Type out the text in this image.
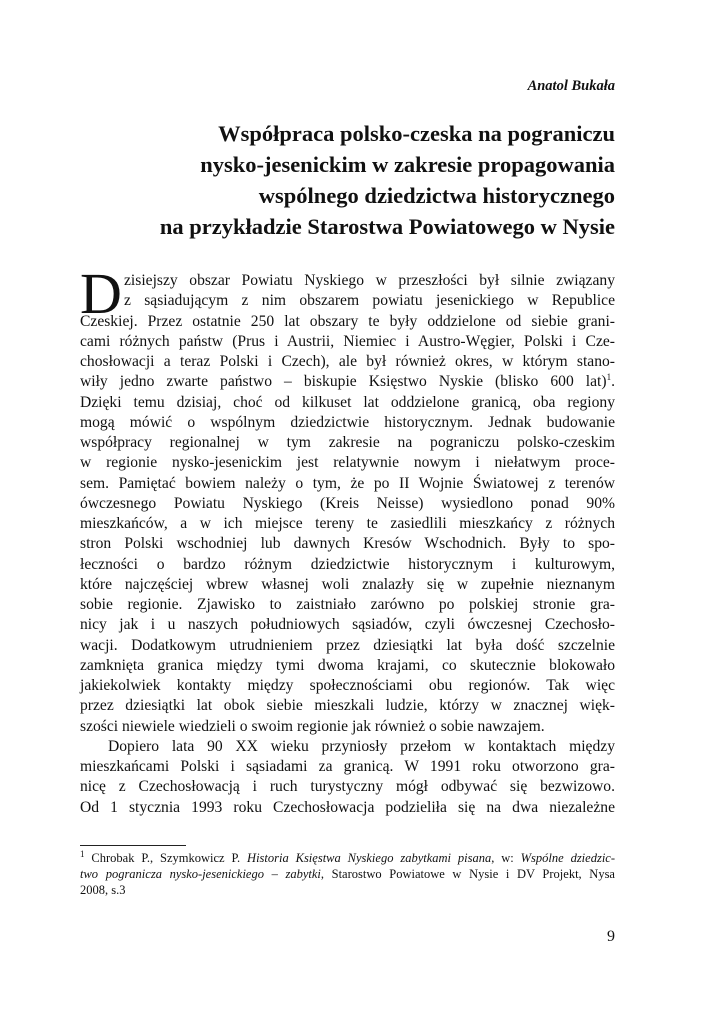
Anatol Bukała
Współpraca polsko-czeska na pograniczu
nysko-jesenickim w zakresie propagowania
wspólnego dziedzictwa historycznego
na przykładzie Starostwa Powiatowego w Nysie
D zisiejszy obszar Powiatu Nyskiego w przeszłości był silnie związany
z sąsiadującym z nim obszarem powiatu jesenickiego w Republice
Czeskiej. Przez ostatnie 250 lat obszary te były oddzielone od siebie grani-
cami różnych państw (Prus i Austrii, Niemiec i Austro-Węgier, Polski i Cze-
chosłowacji a teraz Polski i Czech), ale był również okres, w którym stano-
wiły jedno zwarte państwo – biskupie Księstwo Nyskie (blisko 600 lat)$^1$.
Dzięki temu dzisiaj, choć od kilkuset lat oddzielone granicą, oba regiony
mogą mówić o wspólnym dziedzictwie historycznym. Jednak budowanie
współpracy regionalnej w tym zakresie na pograniczu polsko-czeskim
w regionie nysko-jesenickim jest relatywnie nowym i niełatwym proce-
sem. Pamiętać bowiem należy o tym, że po II Wojnie Światowej z terenów
ówczesnego Powiatu Nyskiego (Kreis Neisse) wysiedlono ponad 90%
mieszkańców, a w ich miejsce tereny te zasiedlili mieszkańcy z różnych
stron Polski wschodniej lub dawnych Kresów Wschodnich. Były to spo-
łeczności o bardzo różnym dziedzictwie historycznym i kulturowym,
które najczęściej wbrew własnej woli znalazły się w zupełnie nieznanym
sobie regionie. Zjawisko to zaistniało zarówno po polskiej stronie gra-
nicy jak i u naszych południowych sąsiadów, czyli ówczesnej Czechosło-
wacji. Dodatkowym utrudnieniem przez dziesiątki lat była dość szczelnie
zamknięta granica między tymi dwoma krajami, co skutecznie blokowało
jakiekolwiek kontakty między społecznościami obu regionów. Tak więc
przez dziesiątki lat obok siebie mieszkali ludzie, którzy w znacznej więk-
szości niewiele wiedzieli o swoim regionie jak również o sobie nawzajem.
Dopiero lata 90 XX wieku przyniosły przełom w kontaktach między
mieszkańcami Polski i sąsiadami za granicą. W 1991 roku otworzono gra-
nicę z Czechosłowacją i ruch turystyczny mógł odbywać się bezwizowo.
Od 1 stycznia 1993 roku Czechosłowacja podzieliła się na dwa niezależne
$^1$ Chrobak P., Szymkowicz P. Historia Księstwa Nyskiego zabytkami pisana, w: Wspólne dziedzic-
two pogranicza nysko-jesenickiego – zabytki, Starostwo Powiatowe w Nysie i DV Projekt, Nysa
2008, s.3
9
